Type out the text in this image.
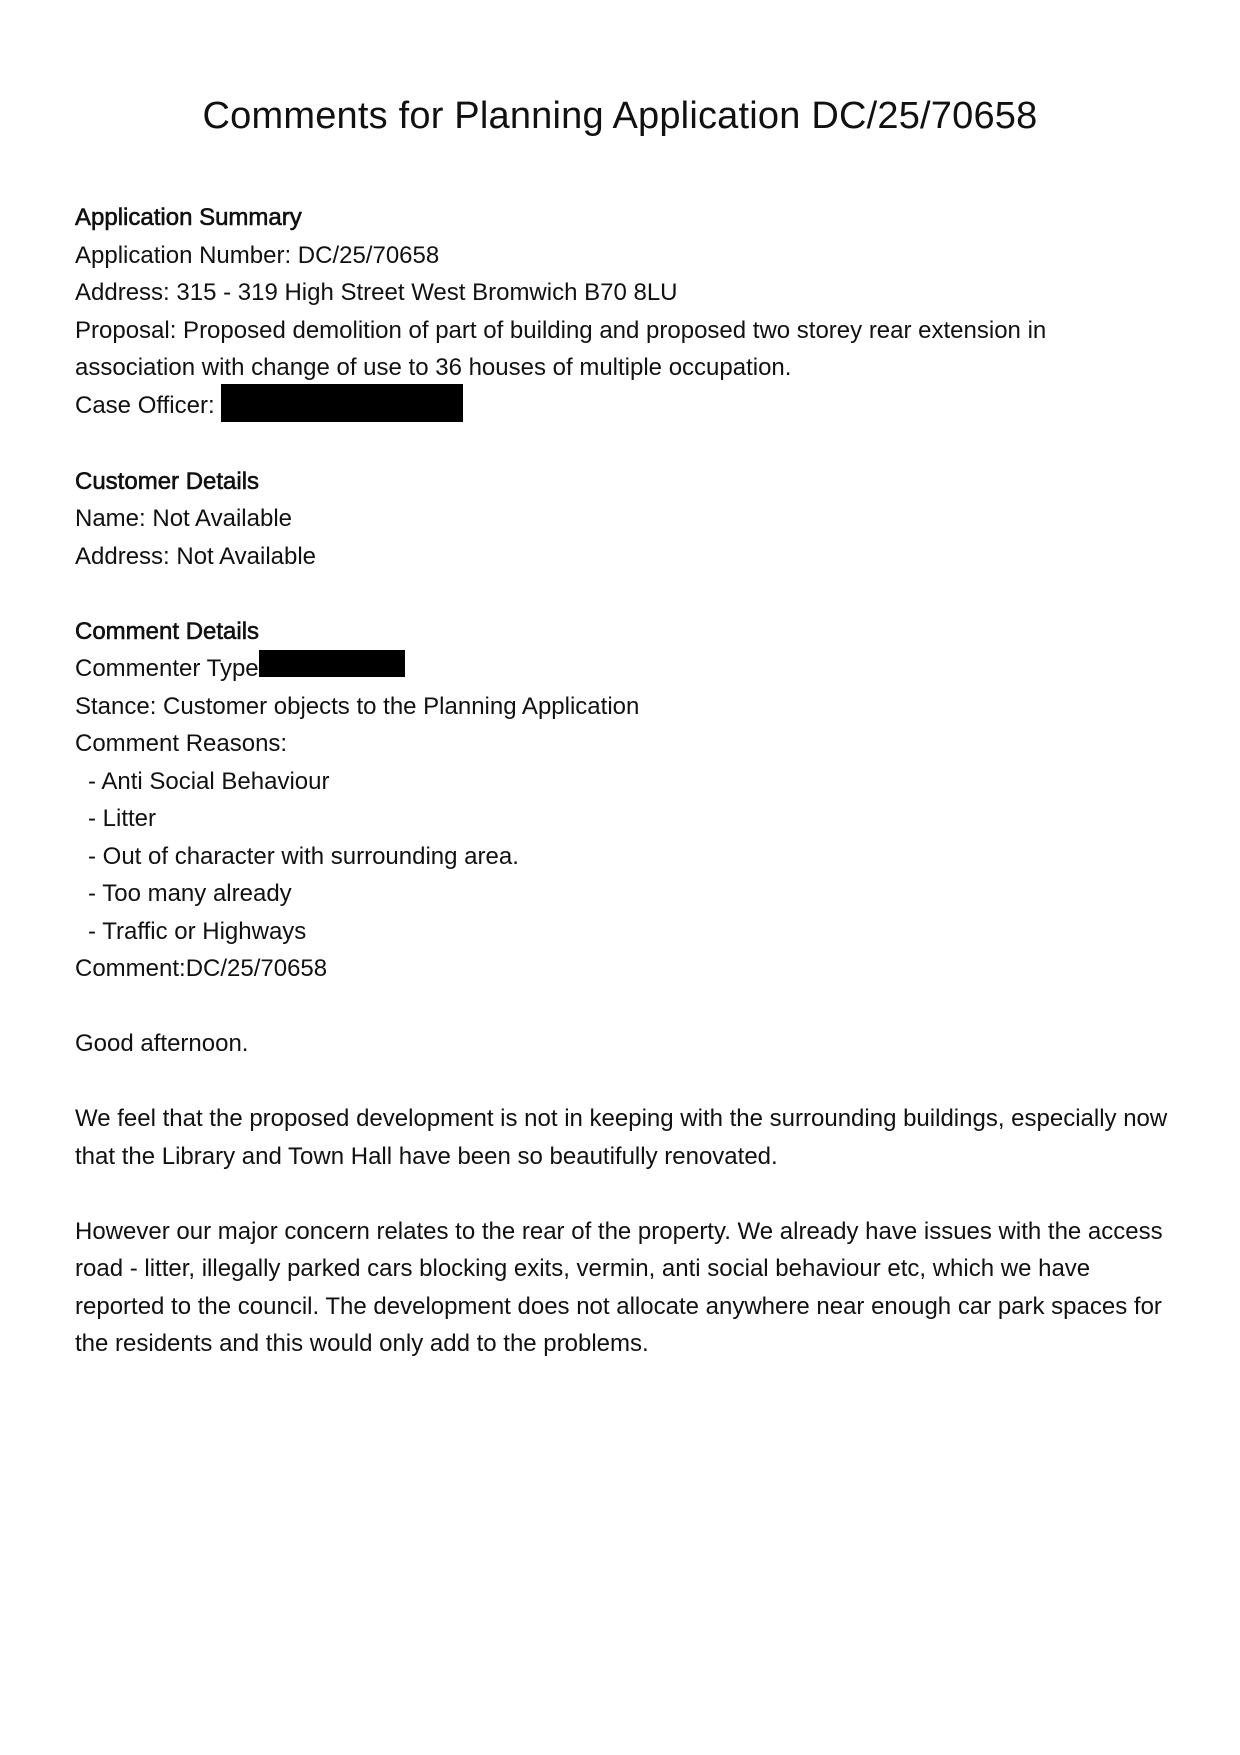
Comments for Planning Application DC/25/70658

Application Summary

Application Number: DC/25/70658

Address: 315 - 319 High Street West Bromwich B70 8LU

Proposal: Proposed demolition of part of building and proposed two storey rear extension in association with change of use to 36 houses of multiple occupation.

Case Officer:

Customer Details

Name: Not Available

Address: Not Available

Comment Details

Commenter Type

Stance: Customer objects to the Planning Application

Comment Reasons:

- Anti Social Behaviour

- Litter

- Out of character with surrounding area.

- Too many already

- Traffic or Highways

Comment:DC/25/70658

Good afternoon.

We feel that the proposed development is not in keeping with the surrounding buildings, especially now that the Library and Town Hall have been so beautifully renovated.

However our major concern relates to the rear of the property. We already have issues with the access road - litter, illegally parked cars blocking exits, vermin, anti social behaviour etc, which we have reported to the council. The development does not allocate anywhere near enough car park spaces for the residents and this would only add to the problems.
